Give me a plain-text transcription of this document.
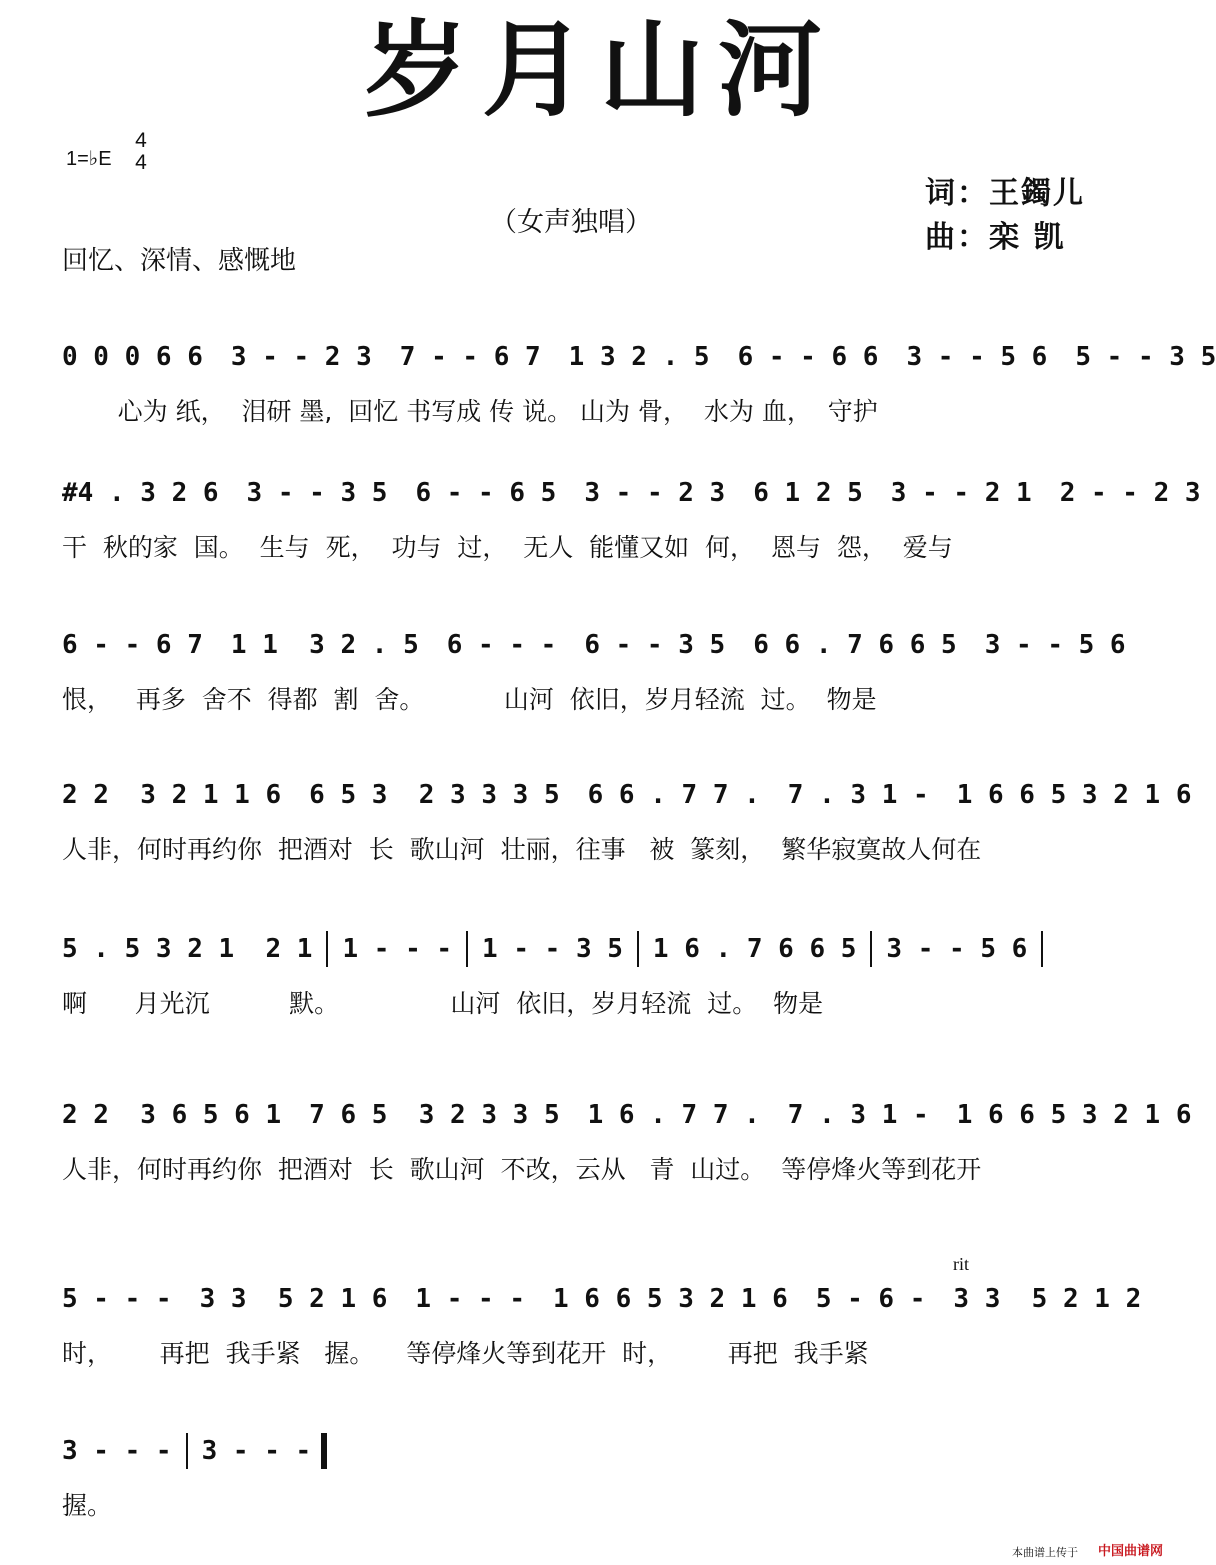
岁月山河
1=♭E
4
4
（女声独唱）
词：王鐲儿
曲：栾 凯
回忆、深情、感慨地
rit
0 0 0 6 6 3 - - 2 3 7 - - 6 7 1 3 2 . 5 6 - - 6 6 3 - - 5 6 5 - - 3 5
心为 纸，  泪研 墨,  回忆 书写成 传 说。 山为 骨，  水为 血，  守护
#4 . 3 2 6 3 - - 3 5 6 - - 6 5 3 - - 2 3 6 1 2 5 3 - - 2 1 2 - - 2 3
干  秋的家  国。  生与  死，  功与  过，  无人  能懂又如  何，  恩与  怨，  爱与
6 - - 6 7 1 1  3 2 . 5 6 - - - 6 - - 3 5 6 6 . 7 6 6 5 3 - - 5 6
恨，   再多  舍不  得都  割  舍。          山河  依旧，岁月轻流  过。  物是
2 2  3 2 1 1 6 6 5 3  2 3 3 3 5 6 6 . 7 7 . 7 . 3 1 - 1 6 6 5 3 2 1 6
人非，何时再约你  把酒对  长  歌山河  壮丽，往事   被  篆刻，  繁华寂寞故人何在
5 . 5 3 2 1  2 1 1 - - - 1 - - 3 5 1 6 . 7 6 6 5 3 - - 5 6
啊      月光沉          默。              山河  依旧，岁月轻流  过。  物是
2 2  3 6 5 6 1 7 6 5  3 2 3 3 5 1 6 . 7 7 . 7 . 3 1 - 1 6 6 5 3 2 1 6
人非，何时再约你  把酒对  长  歌山河  不改，云从   青  山过。  等停烽火等到花开
5 - - - 3 3  5 2 1 6 1 - - - 1 6 6 5 3 2 1 6 5 - 6 - 3 3  5 2 1 2
时，      再把  我手紧   握。    等停烽火等到花开  时，       再把  我手紧
3 - - - 3 - - -
握。
本曲谱上传于 中国曲谱网
